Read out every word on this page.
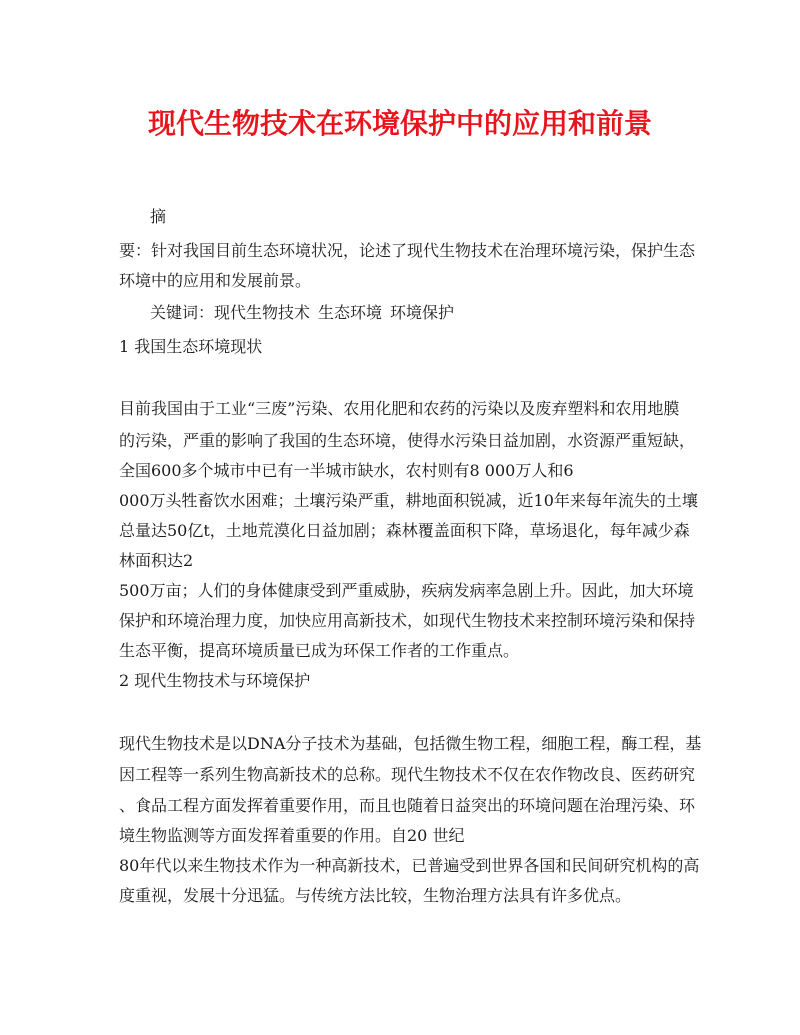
现代生物技术在环境保护中的应用和前景
摘
要：针对我国目前生态环境状况，论述了现代生物技术在治理环境污染，保护生态
环境中的应用和发展前景。
关键词：现代生物技术 生态环境 环境保护
1 我国生态环境现状
目前我国由于工业“三废”污染、农用化肥和农药的污染以及废弃塑料和农用地膜
的污染，严重的影响了我国的生态环境，使得水污染日益加剧，水资源严重短缺，
全国600多个城市中已有一半城市缺水，农村则有8 000万人和6
000万头牲畜饮水困难；土壤污染严重，耕地面积锐减，近10年来每年流失的土壤
总量达50亿t，土地荒漠化日益加剧；森林覆盖面积下降，草场退化，每年减少森
林面积达2
500万亩；人们的身体健康受到严重威胁，疾病发病率急剧上升。因此，加大环境
保护和环境治理力度，加快应用高新技术，如现代生物技术来控制环境污染和保持
生态平衡，提高环境质量已成为环保工作者的工作重点。
2 现代生物技术与环境保护
现代生物技术是以DNA分子技术为基础，包括微生物工程，细胞工程，酶工程，基
因工程等一系列生物高新技术的总称。现代生物技术不仅在农作物改良、医药研究
、食品工程方面发挥着重要作用，而且也随着日益突出的环境问题在治理污染、环
境生物监测等方面发挥着重要的作用。自20 世纪
80年代以来生物技术作为一种高新技术，已普遍受到世界各国和民间研究机构的高
度重视，发展十分迅猛。与传统方法比较，生物治理方法具有许多优点。
